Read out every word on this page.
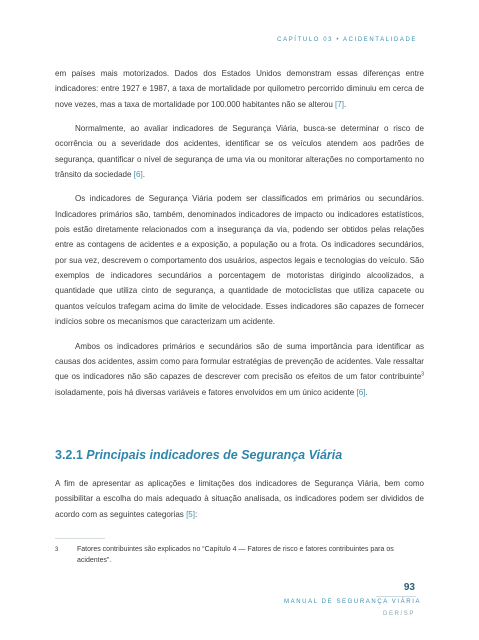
CAPÍTULO 03 • ACIDENTALIDADE

em países mais motorizados. Dados dos Estados Unidos demonstram essas diferenças entre indicadores: entre 1927 e 1987, a taxa de mortalidade por quilometro percorrido diminuiu em cerca de nove vezes, mas a taxa de mortalidade por 100.000 habitantes não se alterou [7].

Normalmente, ao avaliar indicadores de Segurança Viária, busca-se determinar o risco de ocorrência ou a severidade dos acidentes, identificar se os veículos atendem aos padrões de segurança, quantificar o nível de segurança de uma via ou monitorar alterações no comportamento no trânsito da sociedade [6].

Os indicadores de Segurança Viária podem ser classificados em primários ou secundários. Indicadores primários são, também, denominados indicadores de impacto ou indicadores estatísticos, pois estão diretamente relacionados com a insegurança da via, podendo ser obtidos pelas relações entre as contagens de acidentes e a exposição, a população ou a frota. Os indicadores secundários, por sua vez, descrevem o comportamento dos usuários, aspectos legais e tecnologias do veículo. São exemplos de indicadores secundários a porcentagem de motoristas dirigindo alcoolizados, a quantidade que utiliza cinto de segurança, a quantidade de motociclistas que utiliza capacete ou quantos veículos trafegam acima do limite de velocidade. Esses indicadores são capazes de fornecer indícios sobre os mecanismos que caracterizam um acidente.

Ambos os indicadores primários e secundários são de suma importância para identificar as causas dos acidentes, assim como para formular estratégias de prevenção de acidentes. Vale ressaltar que os indicadores não são capazes de descrever com precisão os efeitos de um fator contribuinte$^3$ isoladamente, pois há diversas variáveis e fatores envolvidos em um único acidente [6].

3.2.1 Principais indicadores de Segurança Viária
A fim de apresentar as aplicações e limitações dos indicadores de Segurança Viária, bem como possibilitar a escolha do mais adequado à situação analisada, os indicadores podem ser divididos de acordo com as seguintes categorias [5]:
3	Fatores contribuintes são explicados no “Capítulo 4 — Fatores de risco e fatores contribuintes para os acidentes”.
93
MANUAL DE SEGURANÇA VIÁRIA
DER/SP
